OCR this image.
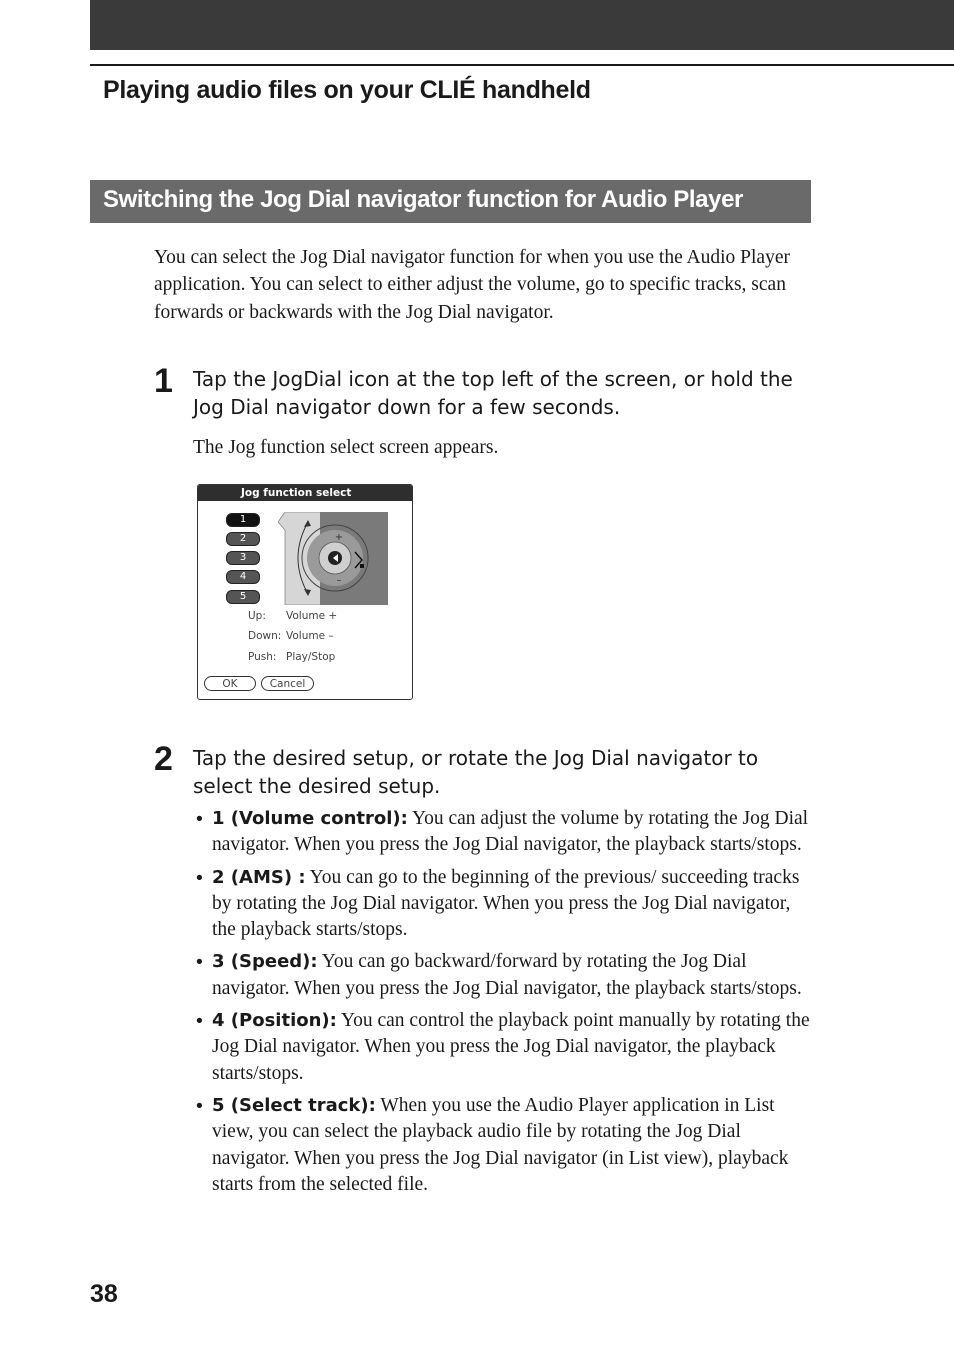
Playing audio files on your CLIÉ handheld
Switching the Jog Dial navigator function for Audio Player
You can select the Jog Dial navigator function for when you use the Audio Player application. You can select to either adjust the volume, go to specific tracks, scan forwards or backwards with the Jog Dial navigator.
1 Tap the JogDial icon at the top left of the screen, or hold the Jog Dial navigator down for a few seconds.
The Jog function select screen appears.
Jog function select
1
2
3
4
5
+
–
Up: Volume +
Down: Volume –
Push: Play/Stop
OK	Cancel
2 Tap the desired setup, or rotate the Jog Dial navigator to select the desired setup.
• 1 (Volume control): You can adjust the volume by rotating the Jog Dial navigator. When you press the Jog Dial navigator, the playback starts/stops.
• 2 (AMS) : You can go to the beginning of the previous/ succeeding tracks by rotating the Jog Dial navigator. When you press the Jog Dial navigator, the playback starts/stops.
• 3 (Speed): You can go backward/forward by rotating the Jog Dial navigator. When you press the Jog Dial navigator, the playback starts/stops.
• 4 (Position): You can control the playback point manually by rotating the Jog Dial navigator. When you press the Jog Dial navigator, the playback starts/stops.
• 5 (Select track): When you use the Audio Player application in List view, you can select the playback audio file by rotating the Jog Dial navigator. When you press the Jog Dial navigator (in List view), playback starts from the selected file.
38
